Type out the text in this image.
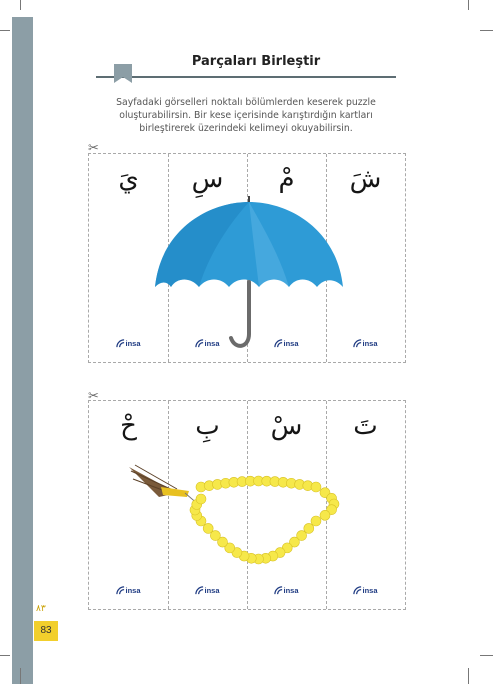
Parçaları Birleştir
Sayfadaki görselleri noktalı bölümlerden keserek puzzle
oluşturabilirsin. Bir kese içerisinde karıştırdığın kartları
birleştirerek üzerindeki kelimeyi okuyabilirsin.
✂
يَ	سِ	مْ	شَ
insa	insa	insa	insa
✂
حْ	بِ	سْ	تَ
insa	insa	insa	insa
٨٣
83
